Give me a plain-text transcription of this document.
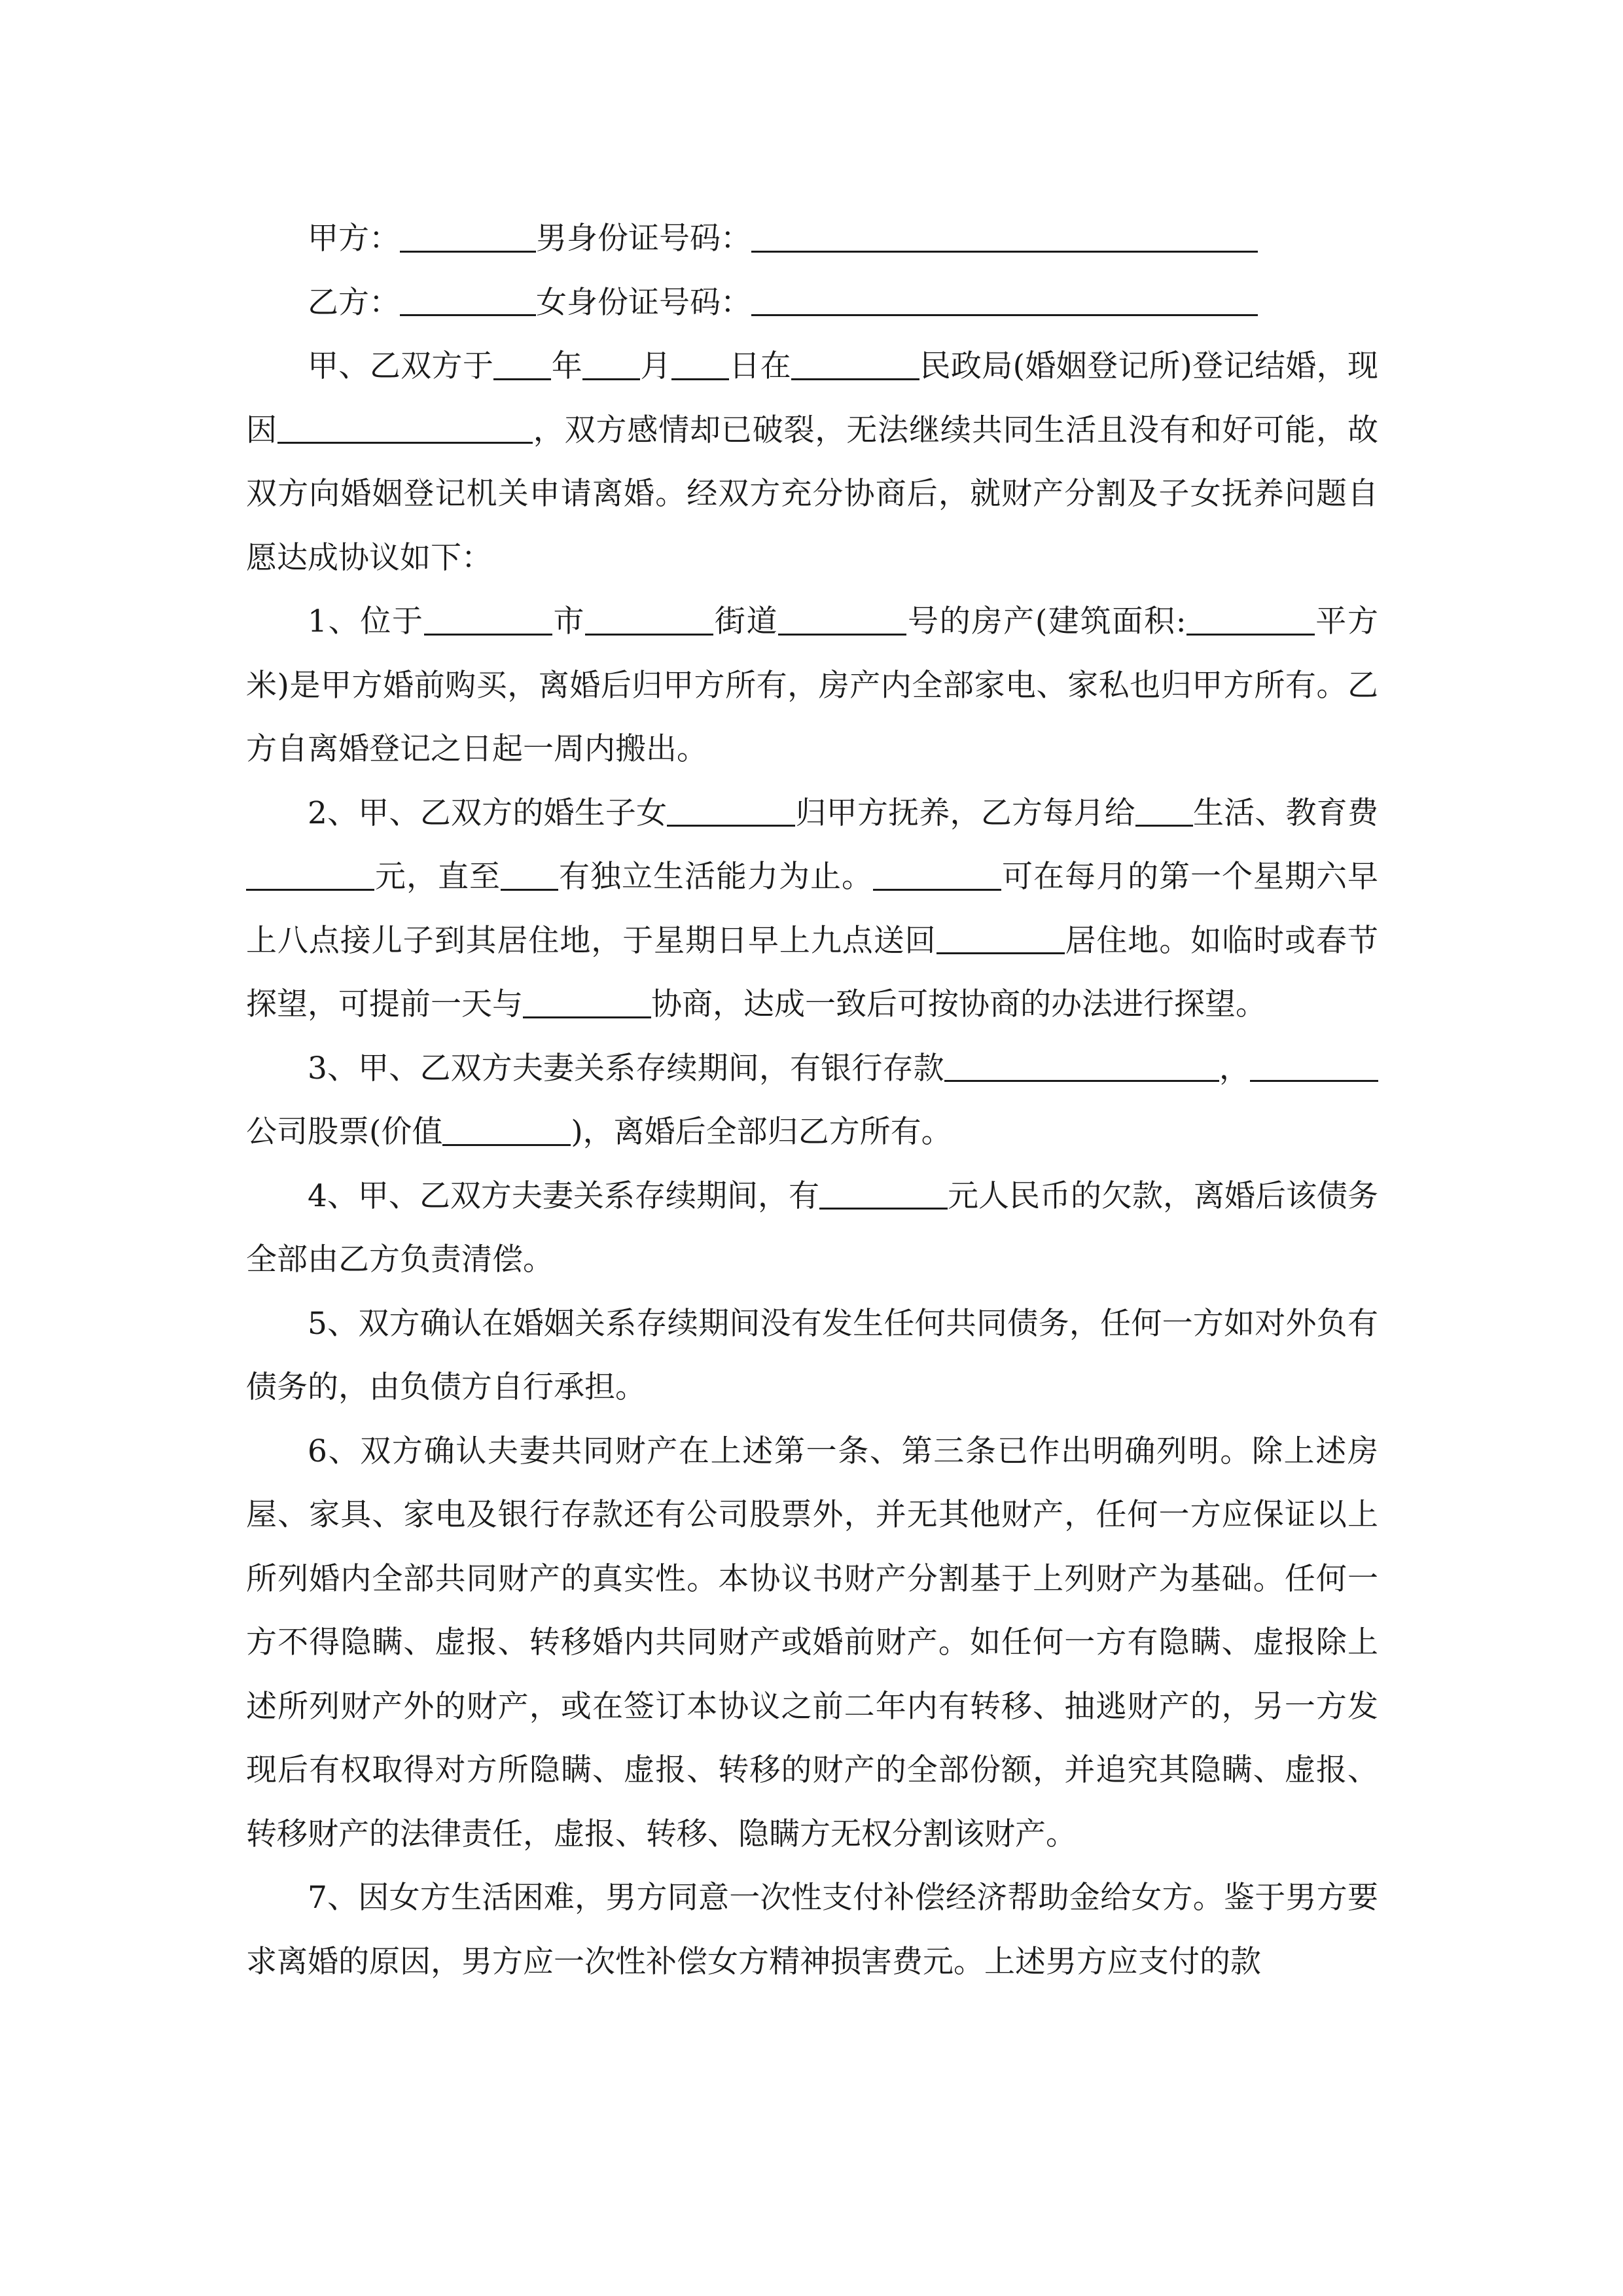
甲方：	男身份证号码：

乙方：	女身份证号码：

甲、乙双方于 年 月 日在	民政局(婚姻登记所)登记结婚，现因	，双方感情却已破裂，无法继续共同生活且没有和好可能，故双方向婚姻登记机关申请离婚。经双方充分协商后，就财产分割及子女抚养问题自愿达成协议如下：

1、位于	市	街道	号的房产(建筑面积:	平方米)是甲方婚前购买，离婚后归甲方所有，房产内全部家电、家私也归甲方所有。乙方自离婚登记之日起一周内搬出。

2、甲、乙双方的婚生子女	归甲方抚养，乙方每月给 生活、教育费元，直至 有独立生活能力为止。	可在每月的第一个星期六早上八点接儿子到其居住地，于星期日早上九点送回	居住地。如临时或春节探望，可提前一天与	协商，达成一致后可按协商的办法进行探望。

3、甲、乙双方夫妻关系存续期间，有银行存款	，公司股票(价值	)，离婚后全部归乙方所有。

4、甲、乙双方夫妻关系存续期间，有	元人民币的欠款，离婚后该债务全部由乙方负责清偿。

5、双方确认在婚姻关系存续期间没有发生任何共同债务，任何一方如对外负有债务的，由负债方自行承担。

6、双方确认夫妻共同财产在上述第一条、第三条已作出明确列明。除上述房屋、家具、家电及银行存款还有公司股票外，并无其他财产，任何一方应保证以上所列婚内全部共同财产的真实性。本协议书财产分割基于上列财产为基础。任何一方不得隐瞒、虚报、转移婚内共同财产或婚前财产。如任何一方有隐瞒、虚报除上述所列财产外的财产，或在签订本协议之前二年内有转移、抽逃财产的，另一方发现后有权取得对方所隐瞒、虚报、转移的财产的全部份额，并追究其隐瞒、虚报、转移财产的法律责任，虚报、转移、隐瞒方无权分割该财产。

7、因女方生活困难，男方同意一次性支付补偿经济帮助金给女方。鉴于男方要求离婚的原因，男方应一次性补偿女方精神损害费元。上述男方应支付的款
